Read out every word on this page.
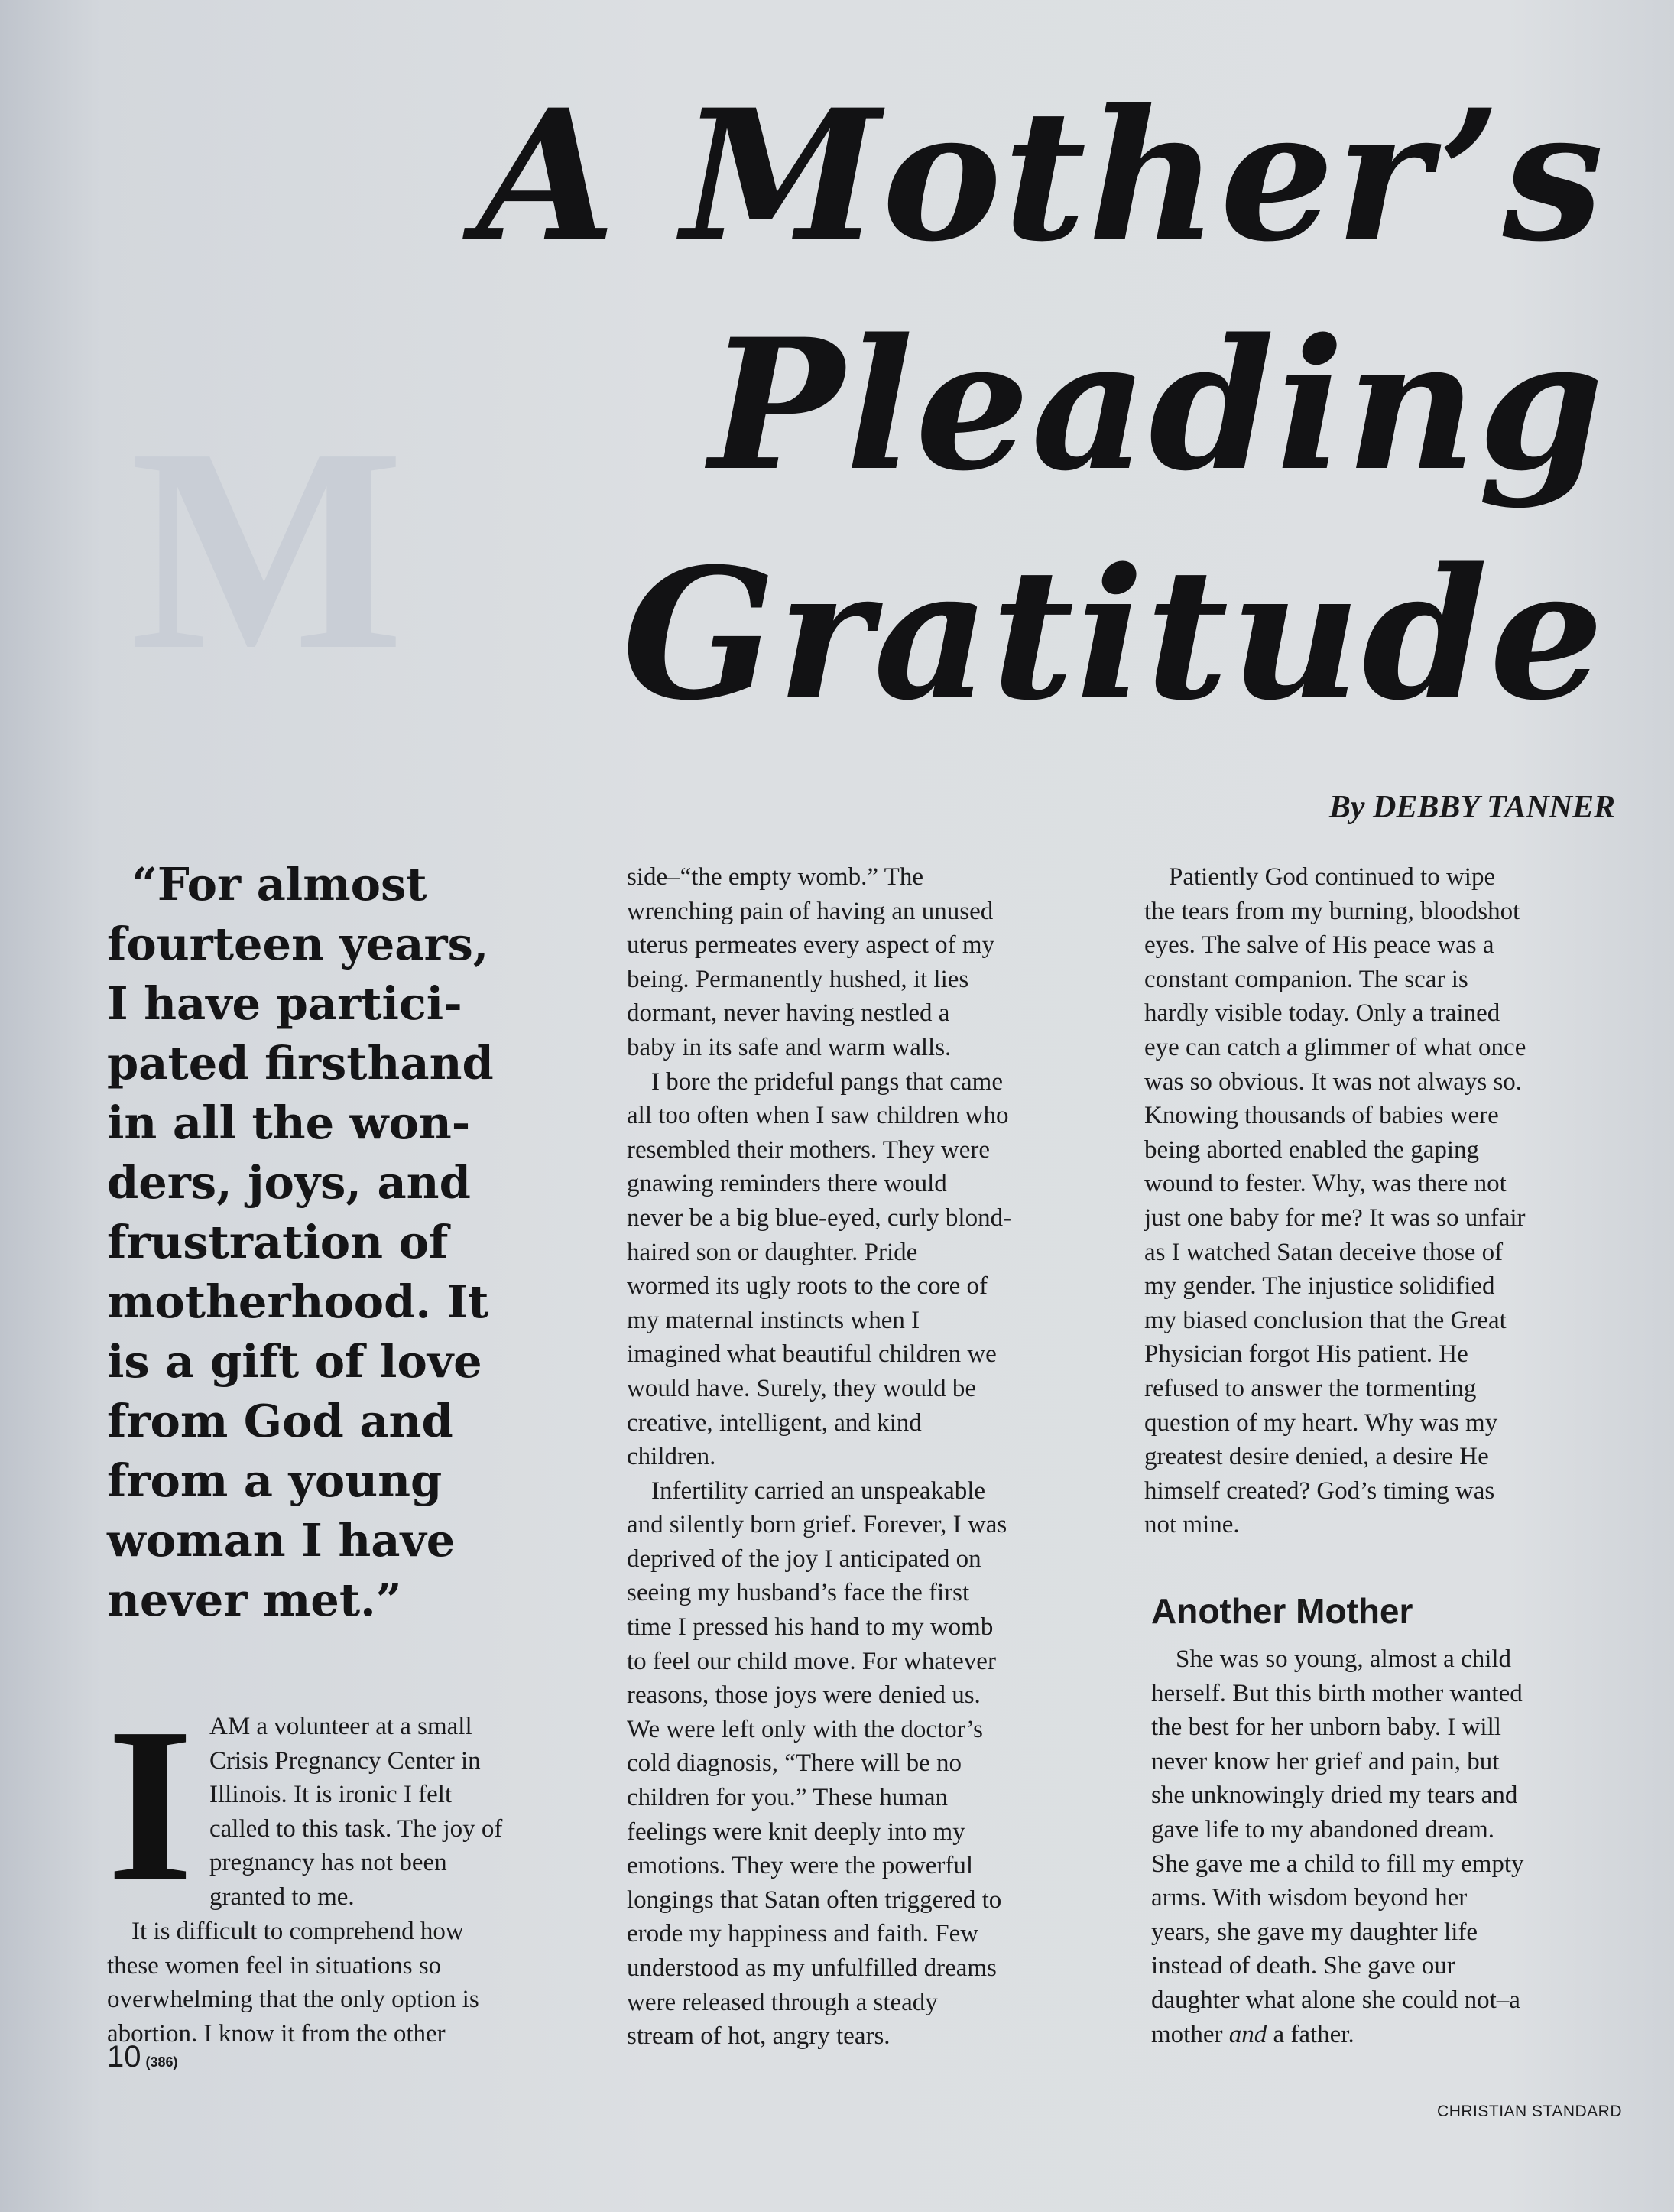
M
A Mother’s
Pleading
Gratitude
By DEBBY TANNER
“For almost
fourteen years,
I have partici-
pated firsthand
in all the won-
ders, joys, and
frustration of
motherhood. It
is a gift of love
from God and
from a young
woman I have
never met.”
I AM a volunteer at a small
Crisis Pregnancy Center in
Illinois. It is ironic I felt
called to this task. The joy of
pregnancy has not been
granted to me.
It is difficult to comprehend how
these women feel in situations so
overwhelming that the only option is
abortion. I know it from the other
side–“the empty womb.” The
wrenching pain of having an unused
uterus permeates every aspect of my
being. Permanently hushed, it lies
dormant, never having nestled a
baby in its safe and warm walls.
I bore the prideful pangs that came
all too often when I saw children who
resembled their mothers. They were
gnawing reminders there would
never be a big blue-eyed, curly blond-
haired son or daughter. Pride
wormed its ugly roots to the core of
my maternal instincts when I
imagined what beautiful children we
would have. Surely, they would be
creative, intelligent, and kind
children.
Infertility carried an unspeakable
and silently born grief. Forever, I was
deprived of the joy I anticipated on
seeing my husband’s face the first
time I pressed his hand to my womb
to feel our child move. For whatever
reasons, those joys were denied us.
We were left only with the doctor’s
cold diagnosis, “There will be no
children for you.” These human
feelings were knit deeply into my
emotions. They were the powerful
longings that Satan often triggered to
erode my happiness and faith. Few
understood as my unfulfilled dreams
were released through a steady
stream of hot, angry tears.
Patiently God continued to wipe
the tears from my burning, bloodshot
eyes. The salve of His peace was a
constant companion. The scar is
hardly visible today. Only a trained
eye can catch a glimmer of what once
was so obvious. It was not always so.
Knowing thousands of babies were
being aborted enabled the gaping
wound to fester. Why, was there not
just one baby for me? It was so unfair
as I watched Satan deceive those of
my gender. The injustice solidified
my biased conclusion that the Great
Physician forgot His patient. He
refused to answer the tormenting
question of my heart. Why was my
greatest desire denied, a desire He
himself created? God’s timing was
not mine.
Another Mother
She was so young, almost a child
herself. But this birth mother wanted
the best for her unborn baby. I will
never know her grief and pain, but
she unknowingly dried my tears and
gave life to my abandoned dream.
She gave me a child to fill my empty
arms. With wisdom beyond her
years, she gave my daughter life
instead of death. She gave our
daughter what alone she could not–a
mother and a father.
10 (386)
CHRISTIAN STANDARD
